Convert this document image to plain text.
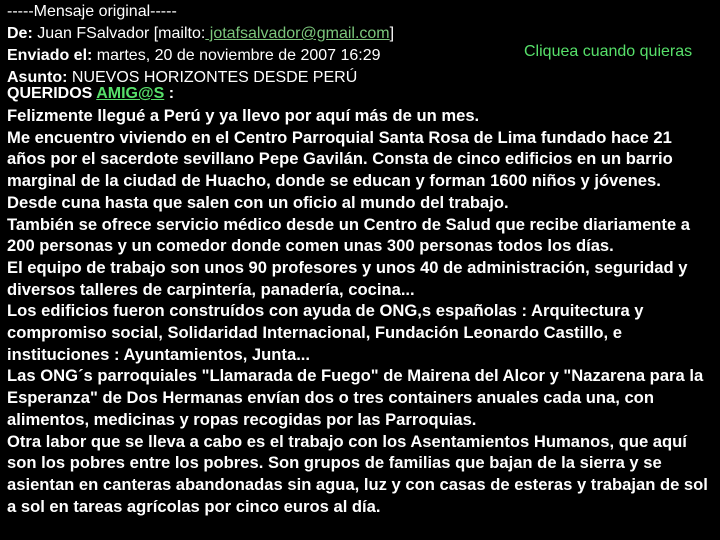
-----Mensaje original-----
De: Juan FSalvador [mailto: jotafsalvador@gmail.com]
Enviado el: martes, 20 de noviembre de 2007 16:29
Asunto: NUEVOS HORIZONTES DESDE PERÚ
Cliquea cuando quieras
QUERIDOS AMIG@S :

Felizmente llegué a Perú y ya llevo por aquí más de un mes.

Me encuentro viviendo en el Centro Parroquial Santa Rosa de Lima fundado hace 21 años por el sacerdote sevillano Pepe Gavilán. Consta de cinco edificios en un barrio marginal de la ciudad de Huacho, donde se educan y forman 1600 niños y jóvenes. Desde cuna hasta que salen con un oficio al mundo del trabajo.

También se ofrece servicio médico desde un Centro de Salud que recibe diariamente a 200 personas y un comedor donde comen unas 300 personas todos los días.

El equipo de trabajo son unos 90 profesores y unos 40 de administración, seguridad y diversos talleres de carpintería, panadería, cocina...

Los edificios fueron construídos con ayuda de ONG,s españolas : Arquitectura y compromiso social, Solidaridad Internacional, Fundación Leonardo Castillo, e instituciones : Ayuntamientos, Junta...

Las ONG´s parroquiales "Llamarada de Fuego" de Mairena del Alcor y "Nazarena para la Esperanza" de Dos Hermanas envían dos o tres containers anuales cada una, con alimentos, medicinas y ropas recogidas por las Parroquias.

Otra labor que se lleva a cabo es el trabajo con los Asentamientos Humanos, que aquí son los pobres entre los pobres. Son grupos de familias que bajan de la sierra y se asientan en canteras abandonadas sin agua, luz y con casas de esteras y trabajan de sol a sol en tareas agrícolas por cinco euros al día.
